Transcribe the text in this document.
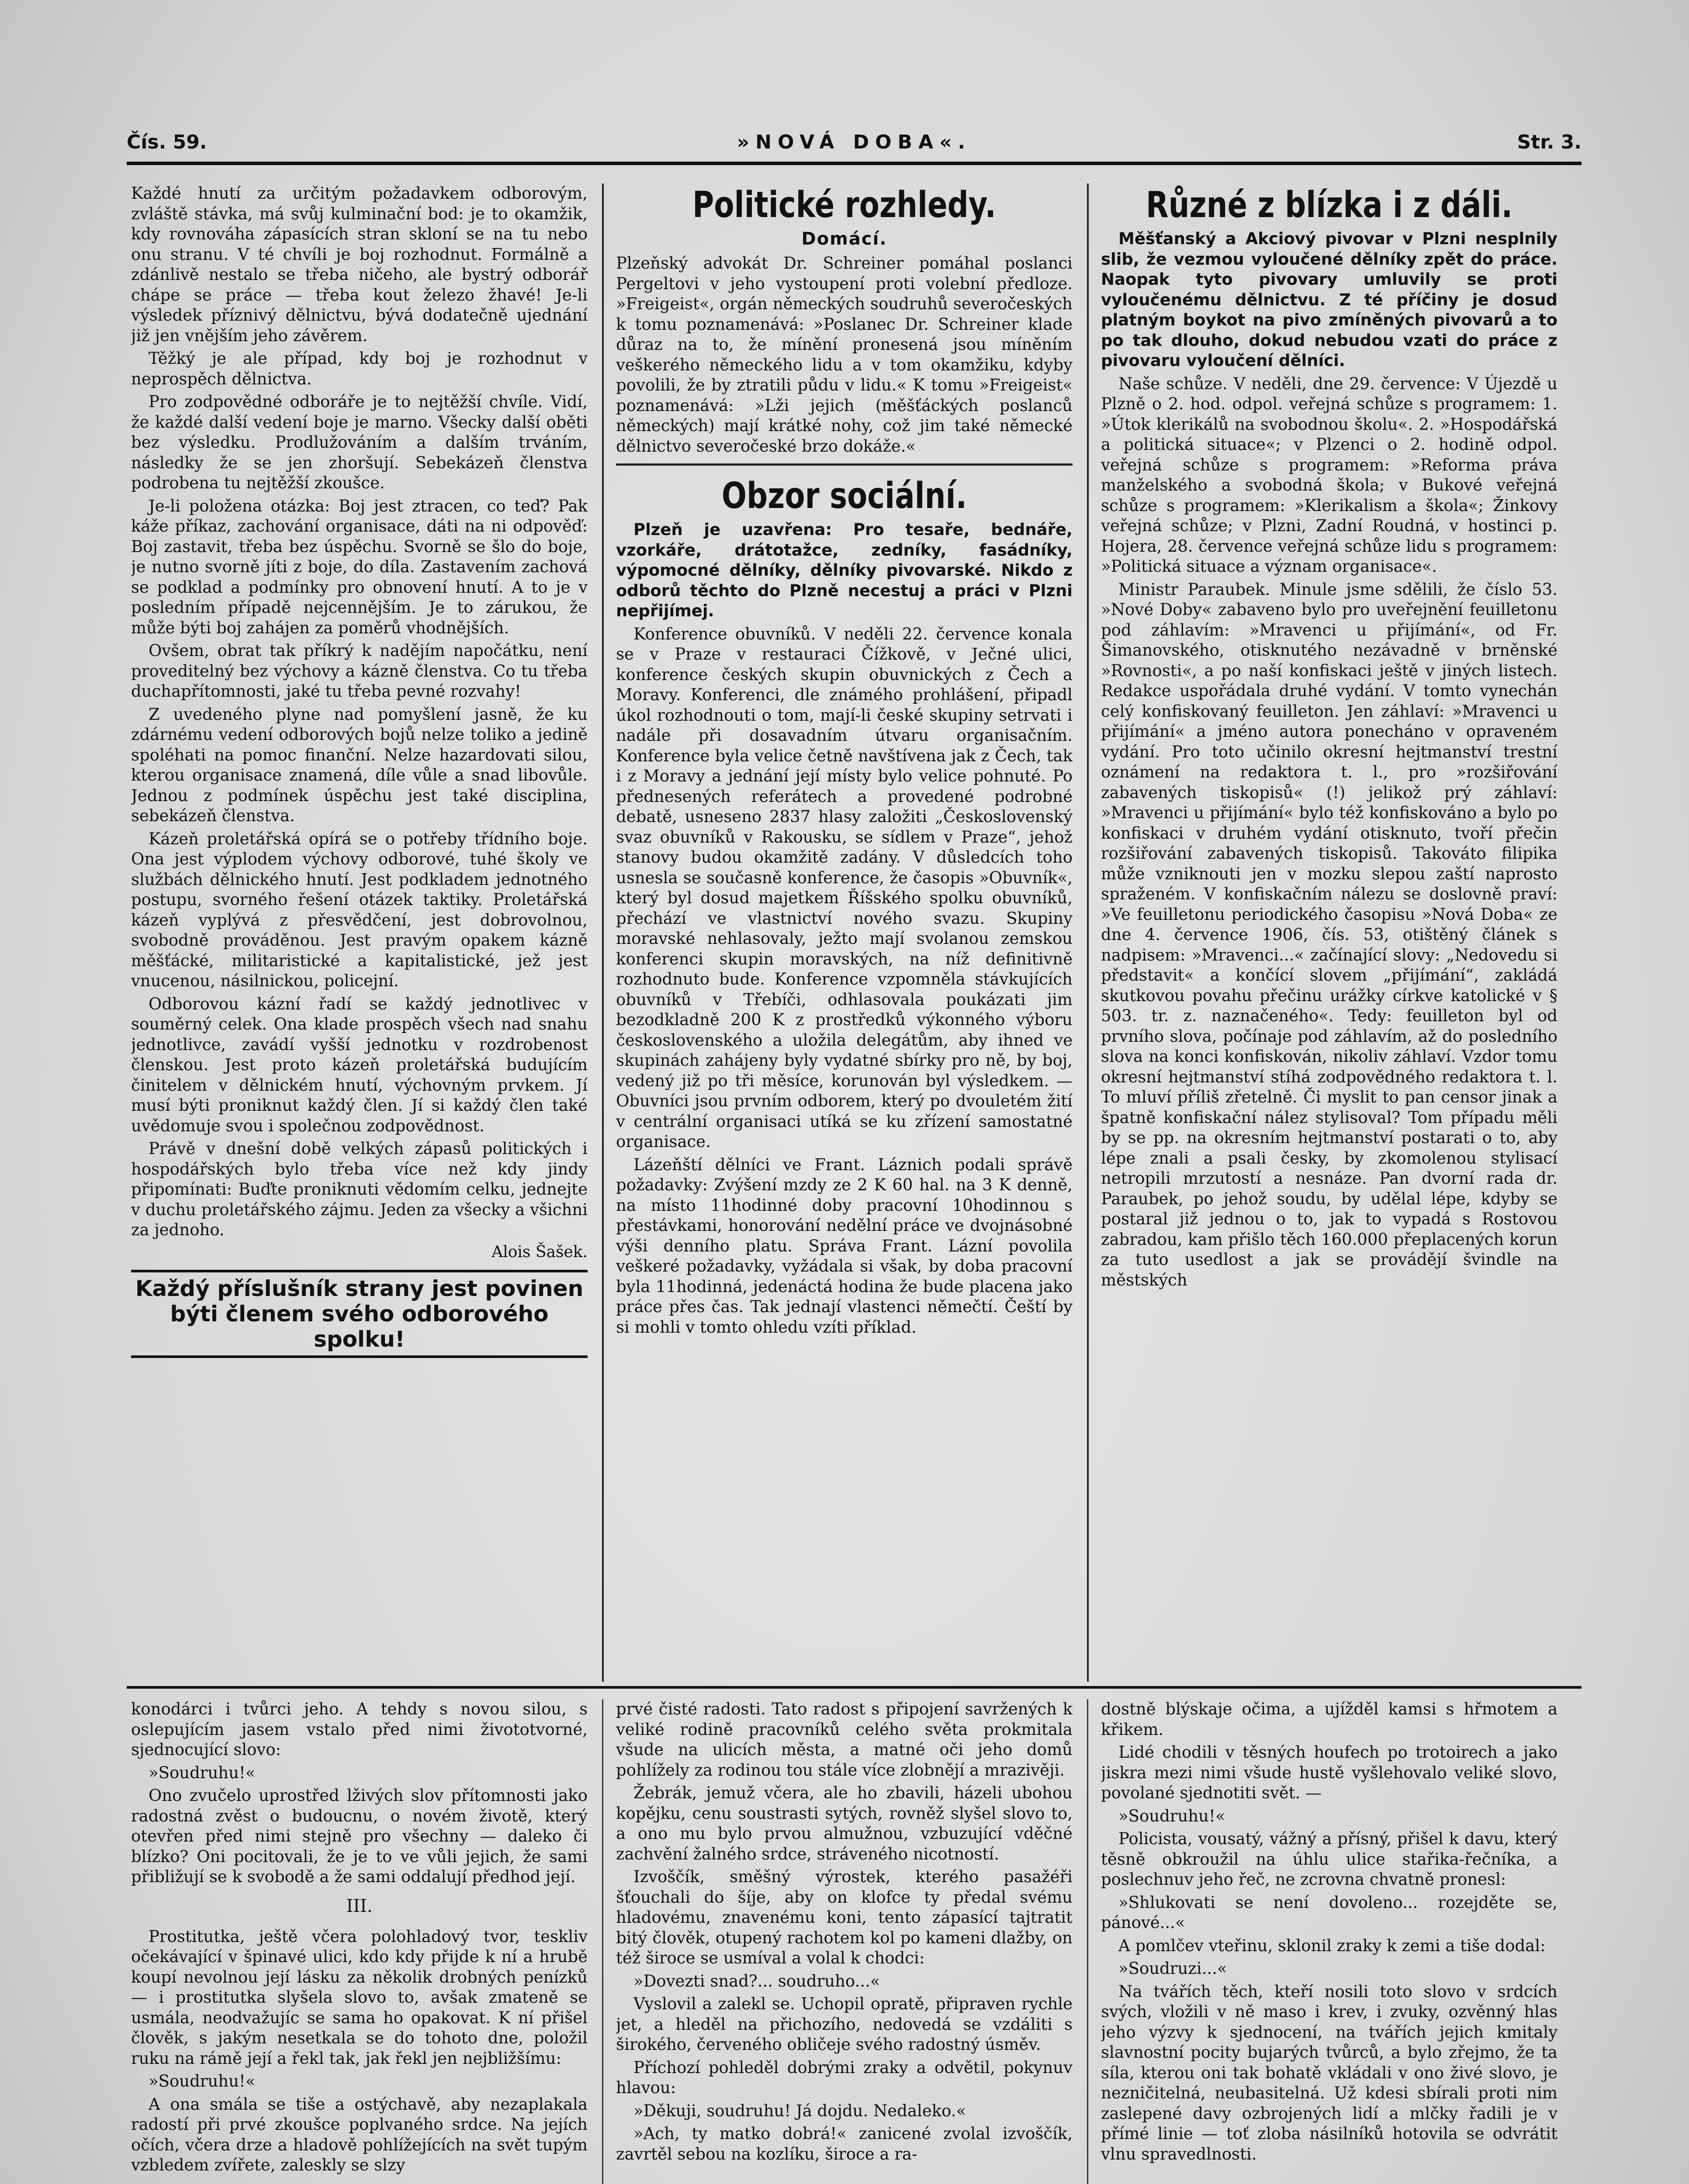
Čís. 59.	»NOVÁ DOBA«.	Str. 3.

Každé hnutí za určitým požadavkem odborovým, zvláště stávka, má svůj kulminační bod: je to okamžik, kdy rovnováha zápasících stran skloní se na tu nebo onu stranu. V té chvíli je boj rozhodnut. Formálně a zdánlivě nestalo se třeba ničeho, ale bystrý odborář chápe se práce — třeba kout železo žhavé! Je-li výsledek příznivý dělnictvu, bývá dodatečně ujednání již jen vnějším jeho závěrem.

Těžký je ale případ, kdy boj je rozhodnut v neprospěch dělnictva.

Pro zodpovědné odboráře je to nejtěžší chvíle. Vidí, že každé další vedení boje je marno. Všecky další oběti bez výsledku. Prodlužováním a dalším trváním, následky že se jen zhoršují. Sebekázeň členstva podrobena tu nejtěžší zkoušce.

Je-li položena otázka: Boj jest ztracen, co teď? Pak káže příkaz, zachování organisace, dáti na ni odpověď: Boj zastavit, třeba bez úspěchu. Svorně se šlo do boje, je nutno svorně jíti z boje, do díla. Zastavením zachová se podklad a podmínky pro obnovení hnutí. A to je v posledním případě nejcennějším. Je to zárukou, že může býti boj zahájen za poměrů vhodnějších.

Ovšem, obrat tak příkrý k nadějím napočátku, není proveditelný bez výchovy a kázně členstva. Co tu třeba duchapřítomnosti, jaké tu třeba pevné rozvahy!

Z uvedeného plyne nad pomyšlení jasně, že ku zdárnému vedení odborových bojů nelze toliko a jedině spoléhati na pomoc finanční. Nelze hazardovati silou, kterou organisace znamená, díle vůle a snad libovůle. Jednou z podmínek úspěchu jest také disciplina, sebekázeň členstva.

Kázeň proletářská opírá se o potřeby třídního boje. Ona jest výplodem výchovy odborové, tuhé školy ve službách dělnického hnutí. Jest podkladem jednotného postupu, svorného řešení otázek taktiky. Proletářská kázeň vyplývá z přesvědčení, jest dobrovolnou, svobodně prováděnou. Jest pravým opakem kázně měšťácké, militaristické a kapitalistické, jež jest vnucenou, násilnickou, policejní.

Odborovou kázní řadí se každý jednotlivec v souměrný celek. Ona klade prospěch všech nad snahu jednotlivce, zavádí vyšší jednotku v rozdrobenost členskou. Jest proto kázeň proletářská budujícím činitelem v dělnickém hnutí, výchovným prvkem. Jí musí býti proniknut každý člen. Jí si každý člen také uvědomuje svou i společnou zodpovědnost.

Právě v dnešní době velkých zápasů politických i hospodářských bylo třeba více než kdy jindy připomínati: Buďte proniknuti vědomím celku, jednejte v duchu proletářského zájmu. Jeden za všecky a všichni za jednoho.

Alois Šašek.
Každý příslušník strany jest povinen býti členem svého odborového spolku!
Politické rozhledy.
Domácí.

Plzeňský advokát Dr. Schreiner pomáhal poslanci Pergeltovi v jeho vystoupení proti volební předloze. »Freigeist«, orgán německých soudruhů severočeských k tomu poznamenává: »Poslanec Dr. Schreiner klade důraz na to, že mínění pronesená jsou míněním veškerého německého lidu a v tom okamžiku, kdyby povolili, že by ztratili půdu v lidu.« K tomu »Freigeist« poznamenává: »Lži jejich (měšťáckých poslanců německých) mají krátké nohy, což jim také německé dělnictvo severočeské brzo dokáže.«

Obzor sociální.
Plzeň je uzavřena: Pro tesaře, bednáře, vzorkáře, drátotažce, zedníky, fasádníky, výpomocné dělníky, dělníky pivovarské. Nikdo z odborů těchto do Plzně necestuj a práci v Plzni nepřijímej.

Konference obuvníků. V neděli 22. července konala se v Praze v restauraci Čížkově, v Ječné ulici, konference českých skupin obuvnických z Čech a Moravy. Konferenci, dle známého prohlášení, připadl úkol rozhodnouti o tom, mají-li české skupiny setrvati i nadále při dosavadním útvaru organisačním. Konference byla velice četně navštívena jak z Čech, tak i z Moravy a jednání její místy bylo velice pohnuté. Po přednesených referátech a provedené podrobné debatě, usneseno 2837 hlasy založiti „Československý svaz obuvníků v Rakousku, se sídlem v Praze“, jehož stanovy budou okamžitě zadány. V důsledcích toho usnesla se současně konference, že časopis »Obuvník«, který byl dosud majetkem Říšského spolku obuvníků, přechází ve vlastnictví nového svazu. Skupiny moravské nehlasovaly, ježto mají svolanou zemskou konferenci skupin moravských, na níž definitivně rozhodnuto bude. Konference vzpomněla stávkujících obuvníků v Třebíči, odhlasovala poukázati jim bezodkladně 200 K z prostředků výkonného výboru československého a uložila delegátům, aby ihned ve skupinách zahájeny byly vydatné sbírky pro ně, by boj, vedený již po tři měsíce, korunován byl výsledkem. — Obuvníci jsou prvním odborem, který po dvouletém žití v centrální organisaci utíká se ku zřízení samostatné organisace.

Lázeňští dělníci ve Frant. Láznich podali správě požadavky: Zvýšení mzdy ze 2 K 60 hal. na 3 K denně, na místo 11hodinné doby pracovní 10hodinnou s přestávkami, honorování nedělní práce ve dvojnásobné výši denního platu. Správa Frant. Lázní povolila veškeré požadavky, vyžádala si však, by doba pracovní byla 11hodinná, jedenáctá hodina že bude placena jako práce přes čas. Tak jednají vlastenci němečtí. Čeští by si mohli v tomto ohledu vzíti příklad.

Různé z blízka i z dáli.
Měšťanský a Akciový pivovar v Plzni nesplnily slib, že vezmou vyloučené dělníky zpět do práce. Naopak tyto pivovary umluvily se proti vyloučenému dělnictvu. Z té příčiny je dosud platným boykot na pivo zmíněných pivovarů a to po tak dlouho, dokud nebudou vzati do práce z pivovaru vyloučení dělníci.

Naše schůze. V neděli, dne 29. července: V Újezdě u Plzně o 2. hod. odpol. veřejná schůze s programem: 1. »Útok klerikálů na svobodnou školu«. 2. »Hospodářská a politická situace«; v Plzenci o 2. hodině odpol. veřejná schůze s programem: »Reforma práva manželského a svobodná škola; v Bukové veřejná schůze s programem: »Klerikalism a škola«; Žinkovy veřejná schůze; v Plzni, Zadní Roudná, v hostinci p. Hojera, 28. července veřejná schůze lidu s programem: »Politická situace a význam organisace«.

Ministr Paraubek. Minule jsme sdělili, že číslo 53. »Nové Doby« zabaveno bylo pro uveřejnění feuilletonu pod záhlavím: »Mravenci u přijímání«, od Fr. Šimanovského, otisknutého nezávadně v brněnské »Rovnosti«, a po naší konfiskaci ještě v jiných listech. Redakce uspořádala druhé vydání. V tomto vynechán celý konfiskovaný feuilleton. Jen záhlaví: »Mravenci u přijímání« a jméno autora ponecháno v opraveném vydání. Pro toto učinilo okresní hejtmanství trestní oznámení na redaktora t. l., pro »rozšiřování zabavených tiskopisů« (!) jelikož prý záhlaví: »Mravenci u přijímání« bylo též konfiskováno a bylo po konfiskaci v druhém vydání otisknuto, tvoří přečin rozšiřování zabavených tiskopisů. Takováto filipika může vzniknouti jen v mozku slepou zaští naprosto spraženém. V konfiskačním nálezu se doslovně praví: »Ve feuilletonu periodického časopisu »Nová Doba« ze dne 4. července 1906, čís. 53, otištěný článek s nadpisem: »Mravenci...« začínající slovy: „Nedovedu si představit« a končící slovem „přijímání“, zakládá skutkovou povahu přečinu urážky církve katolické v § 503. tr. z. naznačeného«. Tedy: feuilleton byl od prvního slova, počínaje pod záhlavím, až do posledního slova na konci konfiskován, nikoliv záhlaví. Vzdor tomu okresní hejtmanství stíhá zodpovědného redaktora t. l. To mluví příliš zřetelně. Či myslit to pan censor jinak a špatně konfiskační nález stylisoval? Tom případu měli by se pp. na okresním hejtmanství postarati o to, aby lépe znali a psali česky, by zkomolenou stylisací netropili mrzutostí a nesnáze. Pan dvorní rada dr. Paraubek, po jehož soudu, by udělal lépe, kdyby se postaral již jednou o to, jak to vypadá s Rostovou zabradou, kam přišlo těch 160.000 přeplacených korun za tuto usedlost a jak se provádějí švindle na městských

konodárci i tvůrci jeho. A tehdy s novou silou, s oslepujícím jasem vstalo před nimi živototvorné, sjednocující slovo:

»Soudruhu!«

Ono zvučelo uprostřed lživých slov přítomnosti jako radostná zvěst o budoucnu, o novém životě, který otevřen před nimi stejně pro všechny — daleko či blízko? Oni pocitovali, že je to ve vůli jejich, že sami přibližují se k svobodě a že sami oddalují předhod její.

III.

Prostitutka, ještě včera polohladový tvor, teskliv očekávající v špinavé ulici, kdo kdy přijde k ní a hrubě koupí nevolnou její lásku za několik drobných penízků — i prostitutka slyšela slovo to, avšak zmateně se usmála, neodvažujíc se sama ho opakovat. K ní přišel člověk, s jakým nesetkala se do tohoto dne, položil ruku na rámě její a řekl tak, jak řekl jen nejbližšímu:

»Soudruhu!«

A ona smála se tiše a ostýchavě, aby nezaplakala radostí při prvé zkoušce poplvaného srdce. Na jejích očích, včera drze a hladově pohlížejících na svět tupým vzbledem zvířete, zaleskly se slzy

prvé čisté radosti. Tato radost s připojení savržených k veliké rodině pracovníků celého světa prokmitala všude na ulicích města, a matné oči jeho domů pohlížely za rodinou tou stále více zlobnějí a mrazivěji.

Žebrák, jemuž včera, ale ho zbavili, házeli ubohou kopějku, cenu soustrasti sytých, rovněž slyšel slovo to, a ono mu bylo prvou almužnou, vzbuzující vděčné zachvění žalného srdce, stráveného nicotností.

Izvoščík, směšný výrostek, kterého pasažéři šťouchali do šíje, aby on klofce ty předal svému hladovému, znavenému koni, tento zápasící tajtratit bitý člověk, otupený rachotem kol po kameni dlažby, on též široce se usmíval a volal k chodci:

»Dovezti snad?... soudruho...«

Vyslovil a zalekl se. Uchopil opratě, připraven rychle jet, a hleděl na přichozího, nedovedá se vzdáliti s širokého, červeného obličeje svého radostný úsměv.

Příchozí pohleděl dobrými zraky a odvětil, pokynuv hlavou:

»Děkuji, soudruhu! Já dojdu. Nedaleko.«

»Ach, ty matko dobrá!« zanicené zvolal izvoščík, zavrtěl sebou na kozlíku, široce a ra-

dostně blýskaje očima, a ujížděl kamsi s hřmotem a křikem.

Lidé chodili v těsných houfech po trotoirech a jako jiskra mezi nimi všude hustě vyšlehovalo veliké slovo, povolané sjednotiti svět. —

»Soudruhu!«

Policista, vousatý, vážný a přísný, přišel k davu, který těsně obkroužil na úhlu ulice stařika-řečníka, a poslechnuv jeho řeč, ne zcrovna chvatně pronesl:

»Shlukovati se není dovoleno... rozejděte se, pánové...«

A pomlčev vteřinu, sklonil zraky k zemi a tiše dodal:

»Soudruzi...«

Na tvářích těch, kteří nosili toto slovo v srdcích svých, vložili v ně maso i krev, i zvuky, ozvěnný hlas jeho výzvy k sjednocení, na tvářích jejich kmitaly slavnostní pocity bujarých tvůrců, a bylo zřejmo, že ta síla, kterou oni tak bohatě vkládali v ono živé slovo, je nezničitelná, neubasitelná. Už kdesi sbírali proti nim zaslepené davy ozbrojených lidí a mlčky řadili je v přímé linie — toť zloba násilníků hotovila se odvrátit vlnu spravedlnosti.
